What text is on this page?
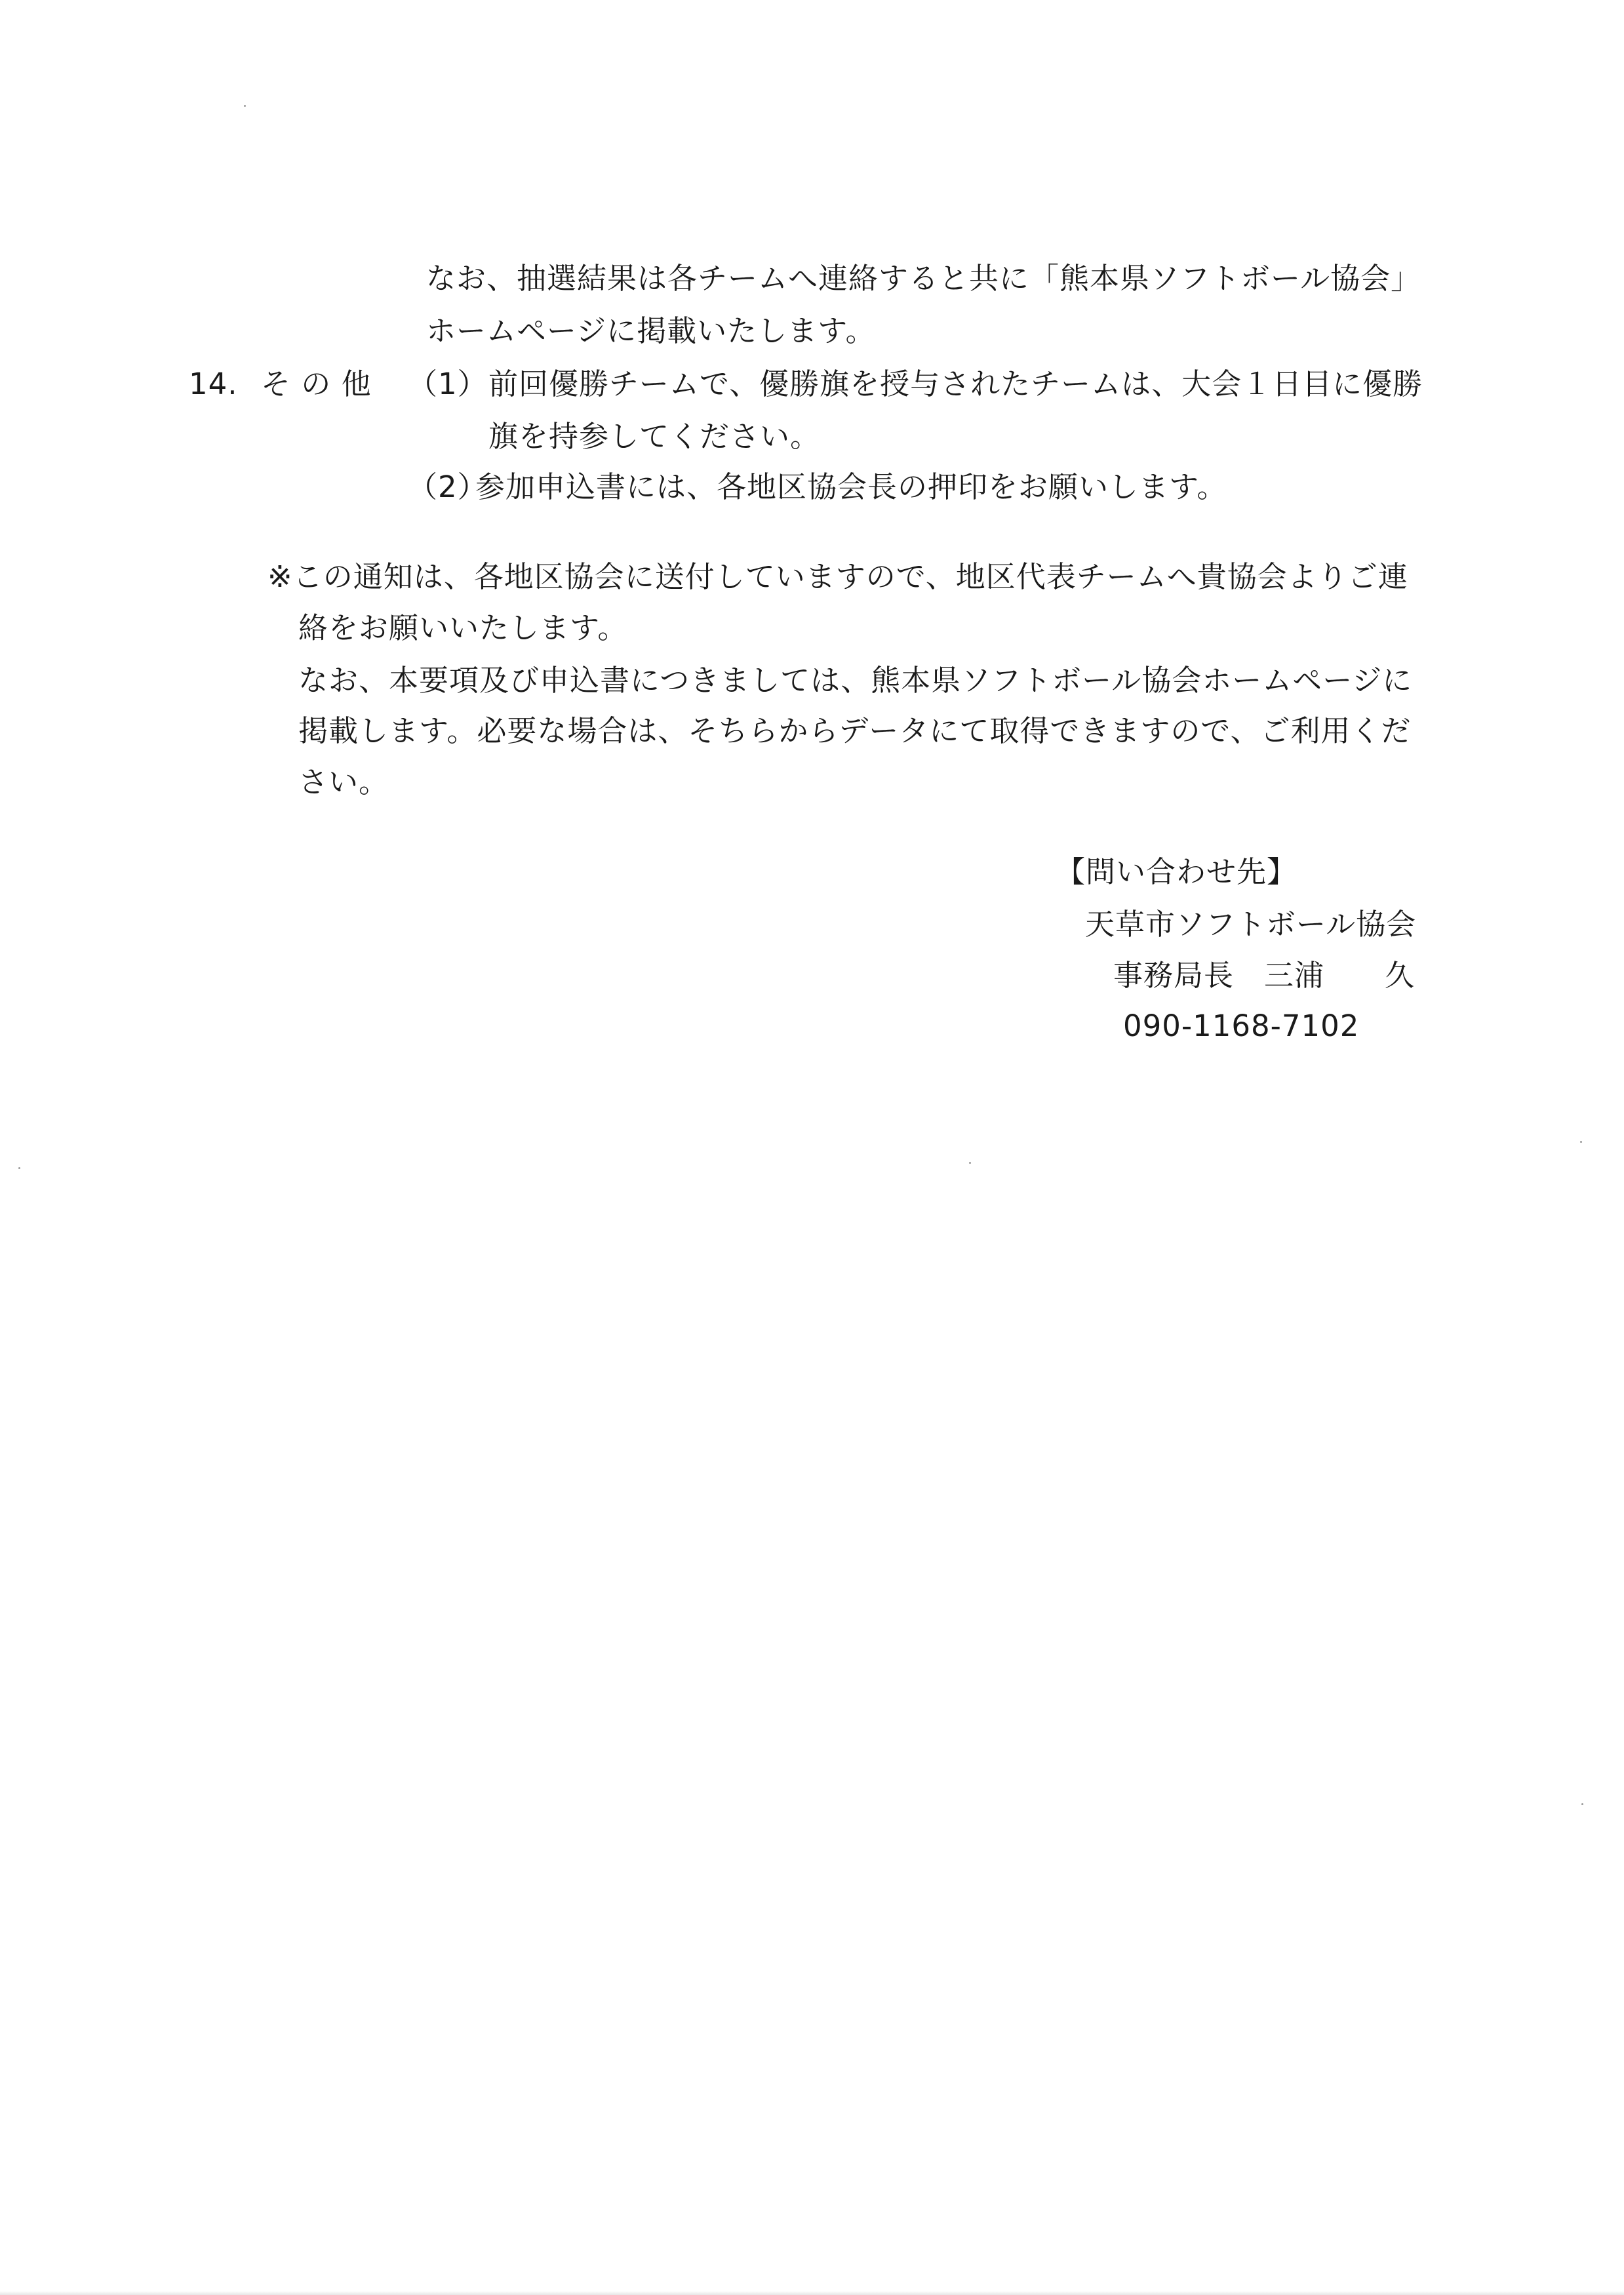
なお、抽選結果は各チームへ連絡すると共に「熊本県ソフトボール協会」
ホームページに掲載いたします。
14. そ の 他 （1） 前回優勝チームで、優勝旗を授与されたチームは、大会１日目に優勝
旗を持参してください。
（2）
参加申込書には、各地区協会長の押印をお願いします。
※この通知は、各地区協会に送付していますので、地区代表チームへ貴協会よりご連
絡をお願いいたします。
なお、本要項及び申込書につきましては、熊本県ソフトボール協会ホームページに
掲載します。必要な場合は、そちらからデータにて取得できますので、ご利用くだ
さい。
【問い合わせ先】
天草市ソフトボール協会
事務局長　三浦　　久
090-1168-7102
